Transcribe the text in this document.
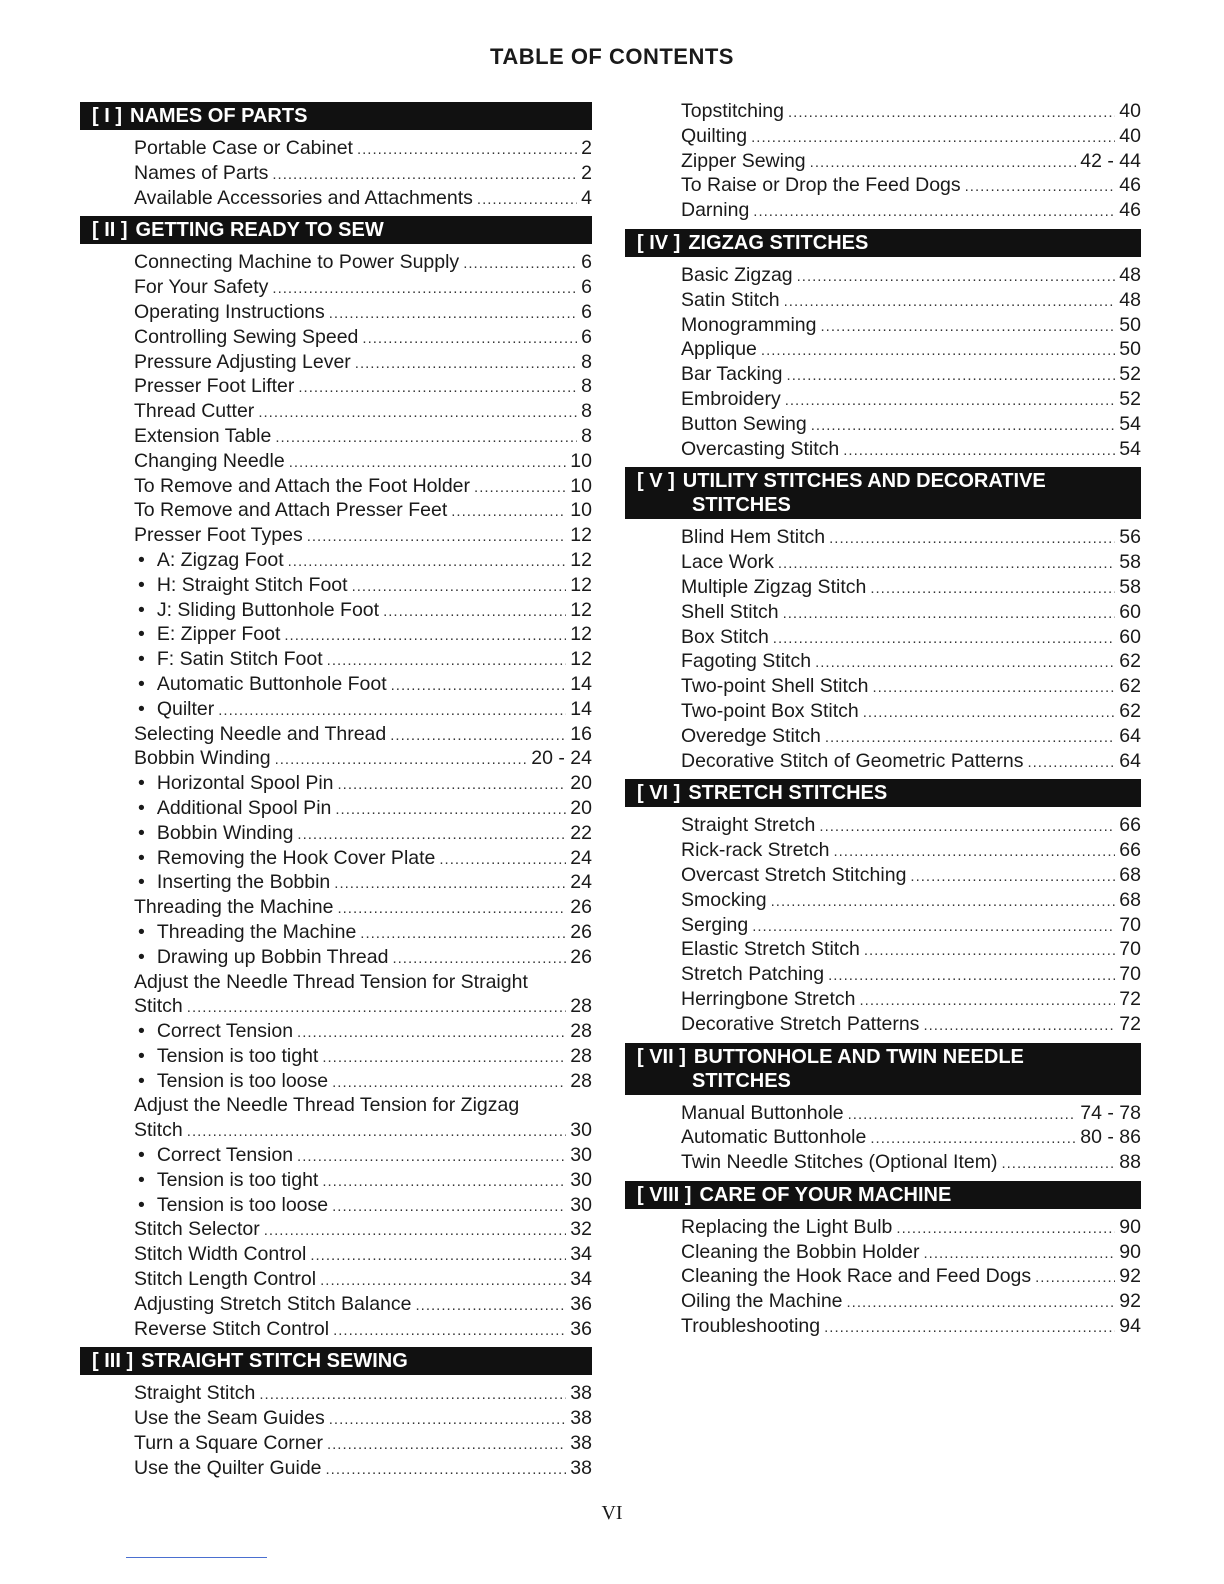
TABLE OF CONTENTS
[ I ] NAMES OF PARTS
Portable Case or Cabinet .....	2
Names of Parts .....	2
Available Accessories and Attachments .....	4
[ II ] GETTING READY TO SEW
Connecting Machine to Power Supply .....	6
For Your Safety .....	6
Operating Instructions .....	6
Controlling Sewing Speed .....	6
Pressure Adjusting Lever .....	8
Presser Foot Lifter .....	8
Thread Cutter .....	8
Extension Table .....	8
Changing Needle .....	10
To Remove and Attach the Foot Holder .....	10
To Remove and Attach Presser Feet .....	10
Presser Foot Types .....	12
• A: Zigzag Foot .....	12
• H: Straight Stitch Foot .....	12
• J: Sliding Buttonhole Foot .....	12
• E: Zipper Foot .....	12
• F: Satin Stitch Foot .....	12
• Automatic Buttonhole Foot .....	14
• Quilter .....	14
Selecting Needle and Thread .....	16
Bobbin Winding .....	20 - 24
• Horizontal Spool Pin .....	20
• Additional Spool Pin .....	20
• Bobbin Winding .....	22
• Removing the Hook Cover Plate .....	24
• Inserting the Bobbin .....	24
Threading the Machine .....	26
• Threading the Machine .....	26
• Drawing up Bobbin Thread .....	26
Adjust the Needle Thread Tension for Straight
Stitch .....	28
• Correct Tension .....	28
• Tension is too tight .....	28
• Tension is too loose .....	28
Adjust the Needle Thread Tension for Zigzag
Stitch .....	30
• Correct Tension .....	30
• Tension is too tight .....	30
• Tension is too loose .....	30
Stitch Selector .....	32
Stitch Width Control .....	34
Stitch Length Control .....	34
Adjusting Stretch Stitch Balance .....	36
Reverse Stitch Control .....	36
[ III ] STRAIGHT STITCH SEWING
Straight Stitch .....	38
Use the Seam Guides .....	38
Turn a Square Corner .....	38
Use the Quilter Guide .....	38
Topstitching .....	40
Quilting .....	40
Zipper Sewing .....	42 - 44
To Raise or Drop the Feed Dogs .....	46
Darning .....	46
[ IV ] ZIGZAG STITCHES
Basic Zigzag .....	48
Satin Stitch .....	48
Monogramming .....	50
Applique .....	50
Bar Tacking .....	52
Embroidery .....	52
Button Sewing .....	54
Overcasting Stitch .....	54
[ V ] UTILITY STITCHES AND DECORATIVE
STITCHES
Blind Hem Stitch .....	56
Lace Work .....	58
Multiple Zigzag Stitch .....	58
Shell Stitch .....	60
Box Stitch .....	60
Fagoting Stitch .....	62
Two-point Shell Stitch .....	62
Two-point Box Stitch .....	62
Overedge Stitch .....	64
Decorative Stitch of Geometric Patterns .....	64
[ VI ] STRETCH STITCHES
Straight Stretch .....	66
Rick-rack Stretch .....	66
Overcast Stretch Stitching .....	68
Smocking .....	68
Serging .....	70
Elastic Stretch Stitch .....	70
Stretch Patching .....	70
Herringbone Stretch .....	72
Decorative Stretch Patterns .....	72
[ VII ] BUTTONHOLE AND TWIN NEEDLE
STITCHES
Manual Buttonhole .....	74 - 78
Automatic Buttonhole .....	80 - 86
Twin Needle Stitches (Optional Item) .....	88
[ VIII ] CARE OF YOUR MACHINE
Replacing the Light Bulb .....	90
Cleaning the Bobbin Holder .....	90
Cleaning the Hook Race and Feed Dogs .....	92
Oiling the Machine .....	92
Troubleshooting .....	94
VI
